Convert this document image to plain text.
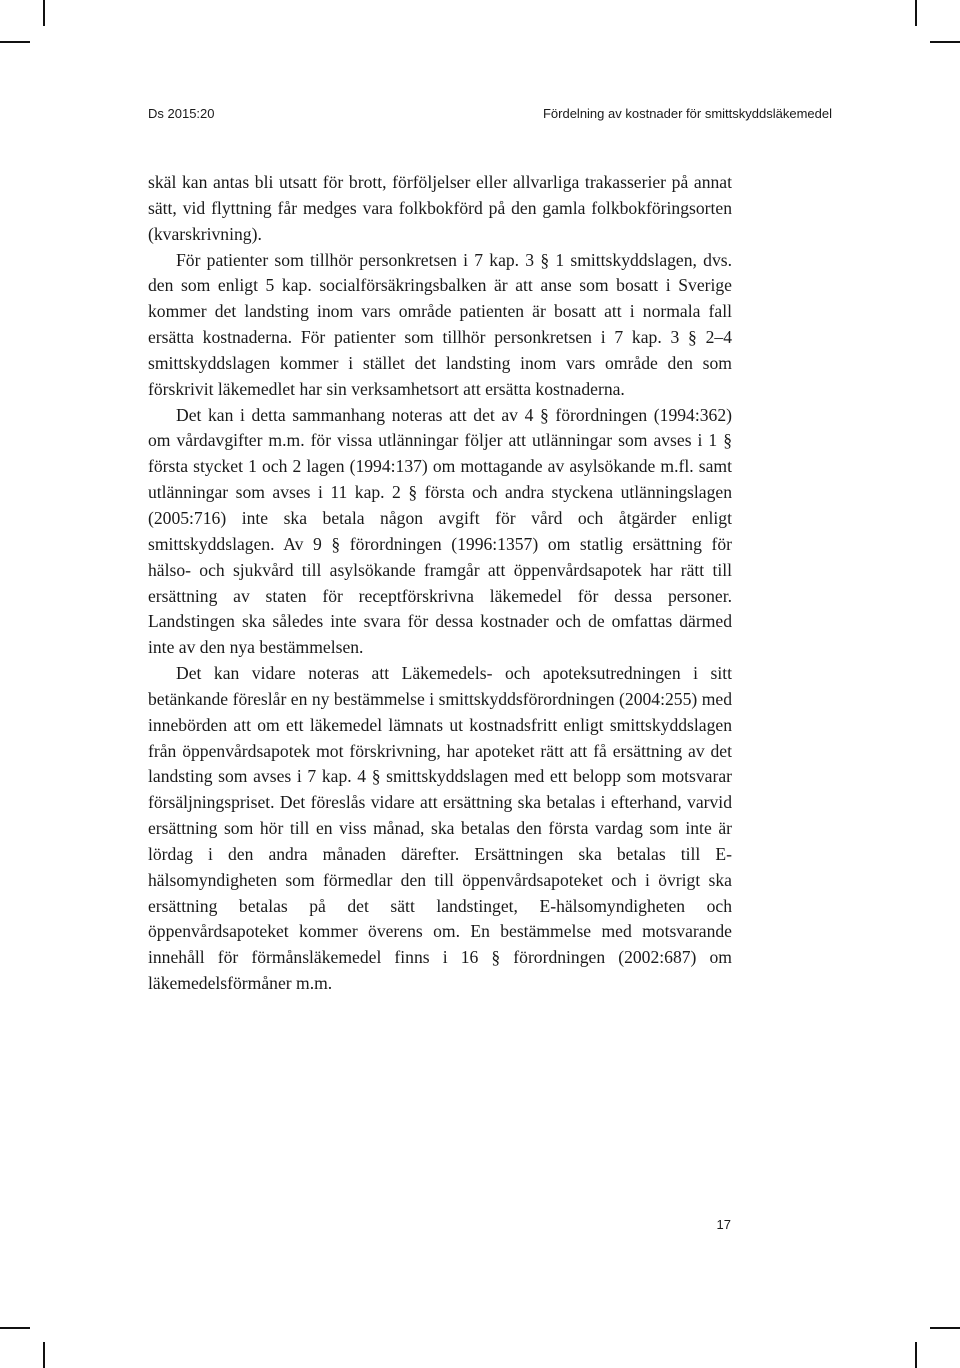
Ds 2015:20	Fördelning av kostnader för smittskyddsläkemedel

skäl kan antas bli utsatt för brott, förföljelser eller allvarliga trakasserier på annat sätt, vid flyttning får medges vara folkbokförd på den gamla folkbokföringsorten (kvarskrivning).

För patienter som tillhör personkretsen i 7 kap. 3 § 1 smittskyddslagen, dvs. den som enligt 5 kap. socialförsäkringsbalken är att anse som bosatt i Sverige kommer det landsting inom vars område patienten är bosatt att i normala fall ersätta kostnaderna. För patienter som tillhör personkretsen i 7 kap. 3 § 2–4 smittskyddslagen kommer i stället det landsting inom vars område den som förskrivit läkemedlet har sin verksamhetsort att ersätta kostnaderna.

Det kan i detta sammanhang noteras att det av 4 § förordningen (1994:362) om vårdavgifter m.m. för vissa utlänningar följer att utlänningar som avses i 1 § första stycket 1 och 2 lagen (1994:137) om mottagande av asylsökande m.fl. samt utlänningar som avses i 11 kap. 2 § första och andra styckena utlänningslagen (2005:716) inte ska betala någon avgift för vård och åtgärder enligt smittskyddslagen. Av 9 § förordningen (1996:1357) om statlig ersättning för hälso- och sjukvård till asylsökande framgår att öppenvårdsapotek har rätt till ersättning av staten för receptförskrivna läkemedel för dessa personer. Landstingen ska således inte svara för dessa kostnader och de omfattas därmed inte av den nya bestämmelsen.

Det kan vidare noteras att Läkemedels- och apoteksutredningen i sitt betänkande föreslår en ny bestämmelse i smittskyddsförordningen (2004:255) med innebörden att om ett läkemedel lämnats ut kostnadsfritt enligt smittskyddslagen från öppenvårdsapotek mot förskrivning, har apoteket rätt att få ersättning av det landsting som avses i 7 kap. 4 § smittskyddslagen med ett belopp som motsvarar försäljningspriset. Det föreslås vidare att ersättning ska betalas i efterhand, varvid ersättning som hör till en viss månad, ska betalas den första vardag som inte är lördag i den andra månaden därefter. Ersättningen ska betalas till E-hälsomyndigheten som förmedlar den till öppenvårdsapoteket och i övrigt ska ersättning betalas på det sätt landstinget, E-hälsomyndigheten och öppenvårdsapoteket kommer överens om. En bestämmelse med motsvarande innehåll för förmånsläkemedel finns i 16 § förordningen (2002:687) om läkemedelsförmåner m.m.

17
